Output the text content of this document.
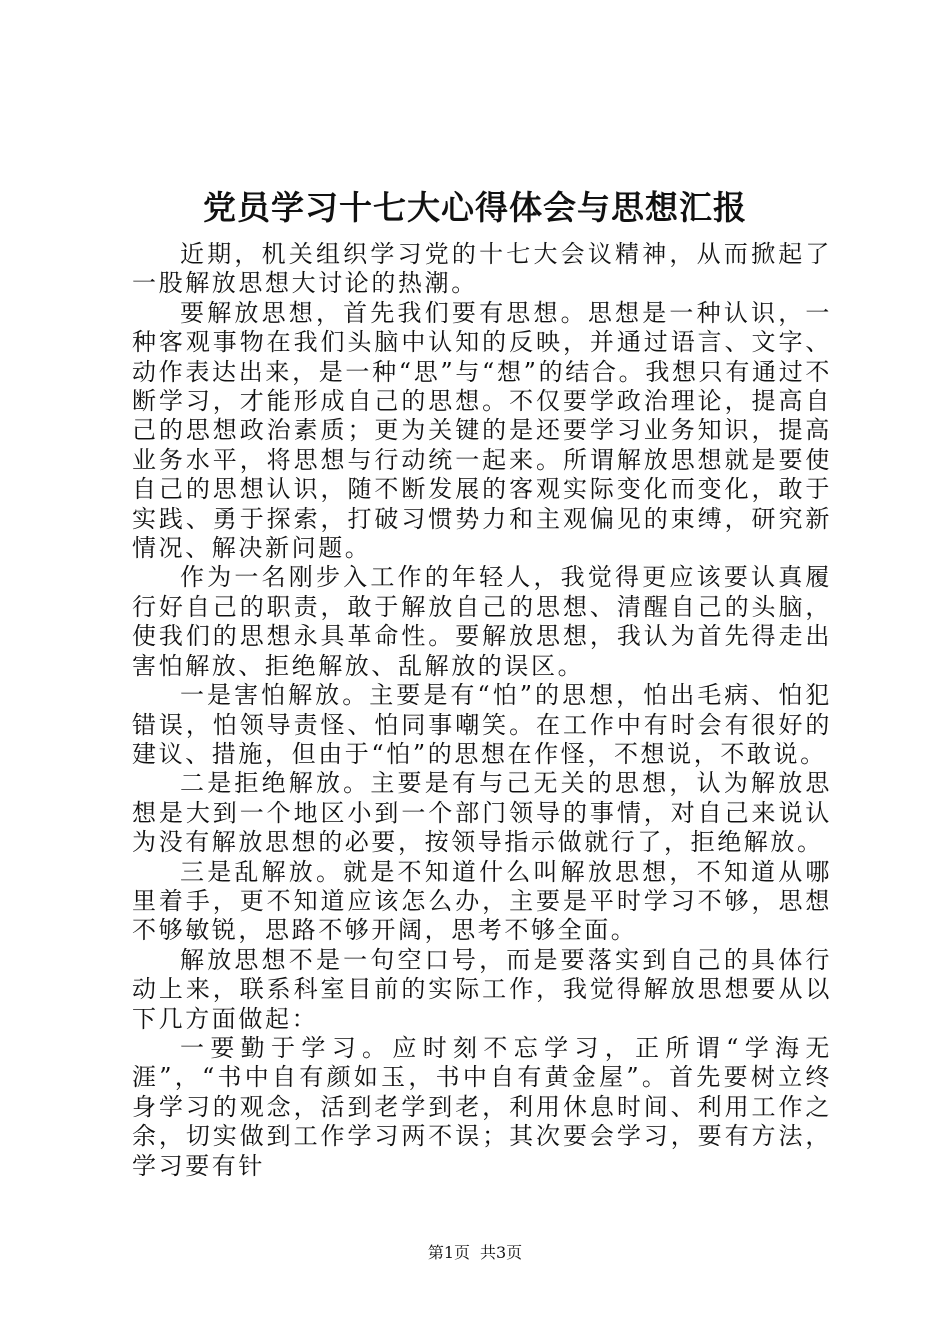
党员学习十七大心得体会与思想汇报

近期，机关组织学习党的十七大会议精神，从而掀起了一股解放思想大讨论的热潮。

要解放思想，首先我们要有思想。思想是一种认识，一种客观事物在我们头脑中认知的反映，并通过语言、文字、动作表达出来，是一种“思”与“想”的结合。我想只有通过不断学习，才能形成自己的思想。不仅要学政治理论，提高自己的思想政治素质；更为关键的是还要学习业务知识，提高业务水平，将思想与行动统一起来。所谓解放思想就是要使自己的思想认识，随不断发展的客观实际变化而变化，敢于实践、勇于探索，打破习惯势力和主观偏见的束缚，研究新情况、解决新问题。

作为一名刚步入工作的年轻人，我觉得更应该要认真履行好自己的职责，敢于解放自己的思想、清醒自己的头脑，使我们的思想永具革命性。要解放思想，我认为首先得走出害怕解放、拒绝解放、乱解放的误区。

一是害怕解放。主要是有“怕”的思想，怕出毛病、怕犯错误，怕领导责怪、怕同事嘲笑。在工作中有时会有很好的建议、措施，但由于“怕”的思想在作怪，不想说，不敢说。

二是拒绝解放。主要是有与己无关的思想，认为解放思想是大到一个地区小到一个部门领导的事情，对自己来说认为没有解放思想的必要，按领导指示做就行了，拒绝解放。

三是乱解放。就是不知道什么叫解放思想，不知道从哪里着手，更不知道应该怎么办，主要是平时学习不够，思想不够敏锐，思路不够开阔，思考不够全面。

解放思想不是一句空口号，而是要落实到自己的具体行动上来，联系科室目前的实际工作，我觉得解放思想要从以下几方面做起：

一要勤于学习。应时刻不忘学习，正所谓“学海无涯”，“书中自有颜如玉，书中自有黄金屋”。首先要树立终身学习的观念，活到老学到老，利用休息时间、利用工作之余，切实做到工作学习两不误；其次要会学习，要有方法，学习要有针

第1页 共3页
